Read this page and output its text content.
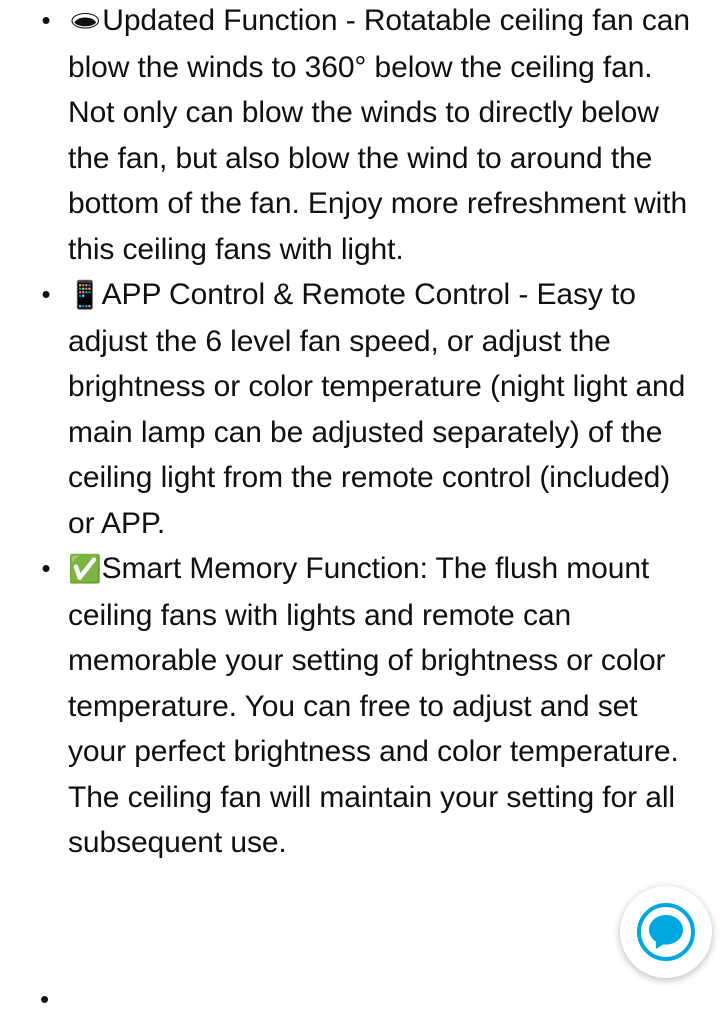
• 🕳Updated Function - Rotatable ceiling fan can blow the winds to 360° below the ceiling fan. Not only can blow the winds to directly below the fan, but also blow the wind to around the bottom of the fan. Enjoy more refreshment with this ceiling fans with light.
• 📱APP Control & Remote Control - Easy to adjust the 6 level fan speed, or adjust the brightness or color temperature (night light and main lamp can be adjusted separately) of the ceiling light from the remote control (included) or APP.
• ✅Smart Memory Function: The flush mount ceiling fans with lights and remote can memorable your setting of brightness or color temperature. You can free to adjust and set your perfect brightness and color temperature. The ceiling fan will maintain your setting for all subsequent use.
•
